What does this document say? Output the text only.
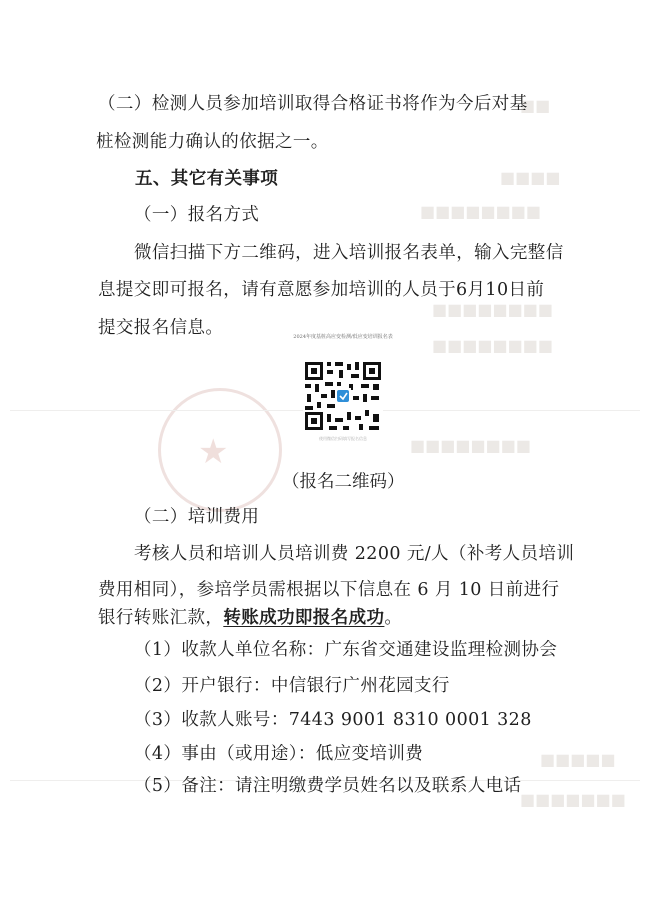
★
■■
■■■■
■■■■■■■■
■■■■■■■■
■■■■■■■■
■■■■■■■■
■■■■■
■■■■■■■
（二）检测人员参加培训取得合格证书将作为今后对基
桩检测能力确认的依据之一。
五、其它有关事项
（一）报名方式
微信扫描下方二维码，进入培训报名表单，输入完整信
息提交即可报名，请有意愿参加培训的人员于6月10日前
提交报名信息。	2024年度基桩高应变检测/低应变培训报名表
使用微信扫码填写报名信息
（报名二维码）
（二）培训费用
考核人员和培训人员培训费 2200 元/人（补考人员培训
费用相同），参培学员需根据以下信息在 6 月 10 日前进行
银行转账汇款，转账成功即报名成功。
（1）收款人单位名称：广东省交通建设监理检测协会
（2）开户银行：中信银行广州花园支行
（3）收款人账号：7443 9001 8310 0001 328
（4）事由（或用途）：低应变培训费
（5）备注：请注明缴费学员姓名以及联系人电话
